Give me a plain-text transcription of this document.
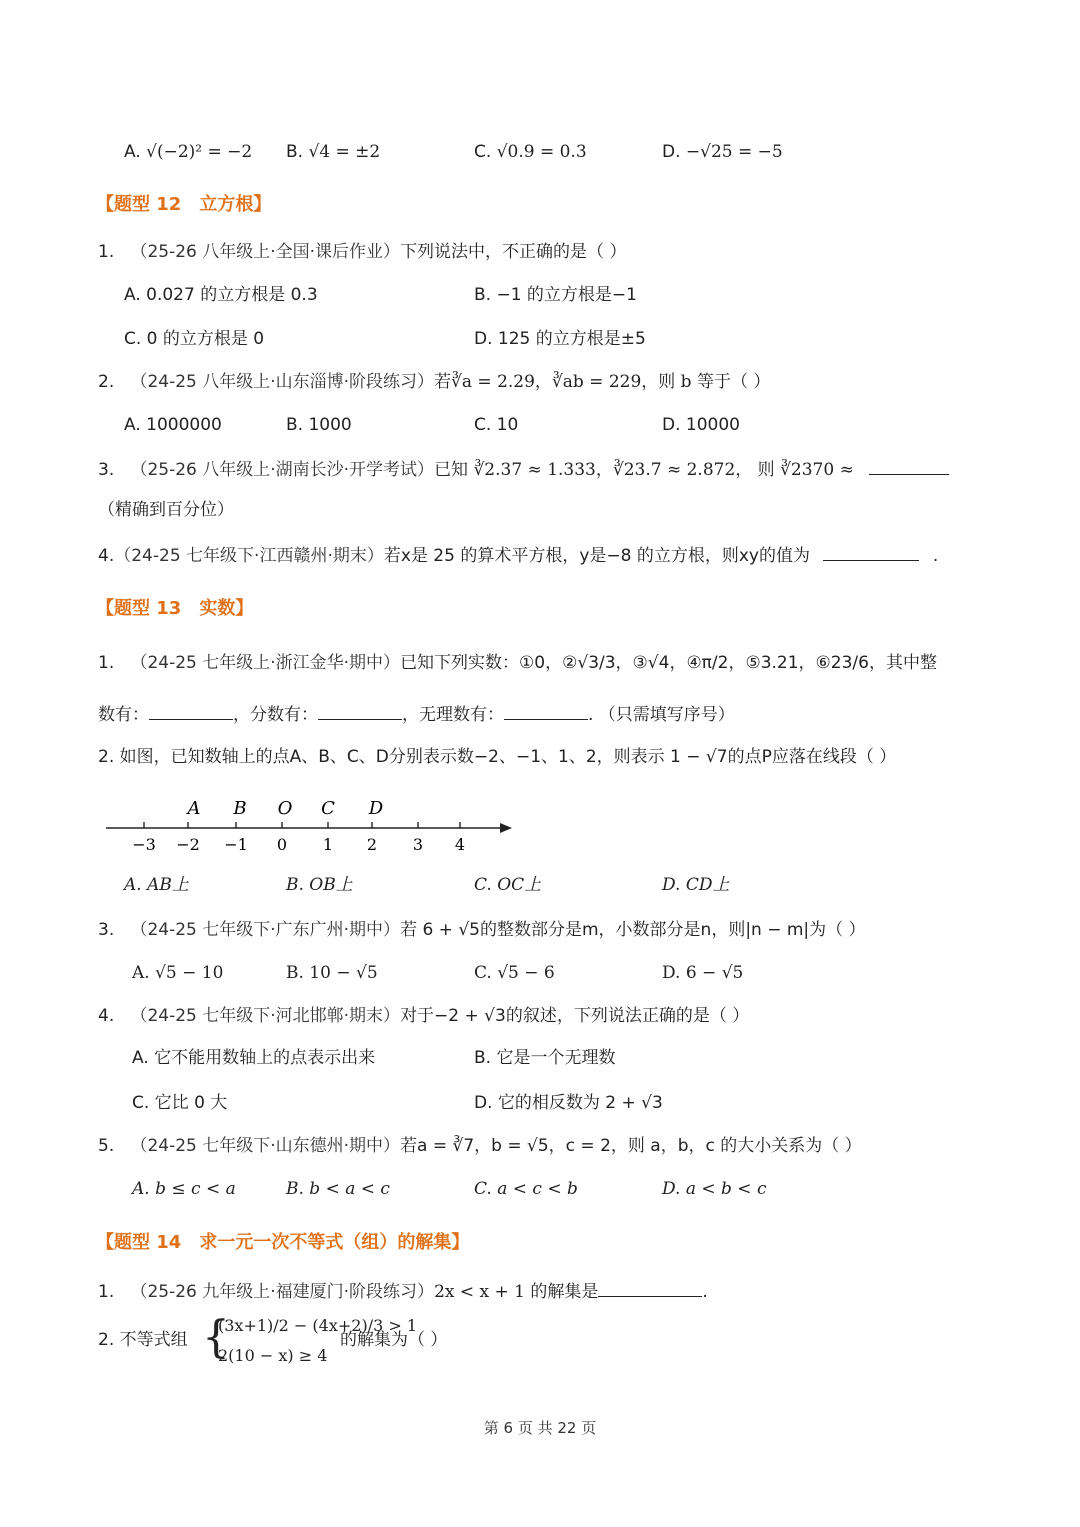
A. √(−2)² = −2 B. √4 = ±2	C. √0.9 = 0.3	D. −√25 = −5
【题型 12 立方根】
1. （25-26 八年级上·全国·课后作业）下列说法中，不正确的是（ ）
A. 0.027 的立方根是 0.3	B. −1 的立方根是−1
C. 0 的立方根是 0	D. 125 的立方根是±5
2. （24-25 八年级上·山东淄博·阶段练习）若∛a = 2.29，∛ab = 229，则 b 等于（ ）
A. 1000000	B. 1000	C. 10	D. 10000
3. （25-26 八年级上·湖南长沙·开学考试）已知 ∛2.37 ≈ 1.333，∛23.7 ≈ 2.872， 则 ∛2370 ≈
（精确到百分位）
4.（24-25 七年级下·江西赣州·期末）若x是 25 的算术平方根，y是−8 的立方根，则xy的值为	.
【题型 13 实数】
1. （24-25 七年级上·浙江金华·期中）已知下列实数：①0，②√3/3，③√4，④π/2，⑤3.21，⑥23/6，其中整
数有：	，分数有：	，无理数有：	. （只需填写序号）
2. 如图，已知数轴上的点A、B、C、D分别表示数−2、−1、1、2，则表示 1 − √7的点P应落在线段（ ）
−3 −2 −1 0 1 2 3 4
A B O C D
A. AB上	B. OB上	C. OC上	D. CD上
3. （24-25 七年级下·广东广州·期中）若 6 + √5的整数部分是m，小数部分是n，则|n − m|为（ ）
A. √5 − 10	B. 10 − √5	C. √5 − 6	D. 6 − √5
4. （24-25 七年级下·河北邯郸·期末）对于−2 + √3的叙述，下列说法正确的是（ ）
A. 它不能用数轴上的点表示出来	B. 它是一个无理数
C. 它比 0 大	D. 它的相反数为 2 + √3
5. （24-25 七年级下·山东德州·期中）若a = ∛7，b = √5，c = 2，则 a，b，c 的大小关系为（ ）
A. b ≤ c < a	B. b < a < c	C. a < c < b	D. a < b < c
【题型 14 求一元一次不等式（组）的解集】
1. （25-26 九年级上·福建厦门·阶段练习）2x < x + 1 的解集是	.
2. 不等式组 {
(3x+1)/2 − (4x+2)/3 > 1
2(10 − x) ≥ 4
的解集为（ ）
第 6 页 共 22 页
